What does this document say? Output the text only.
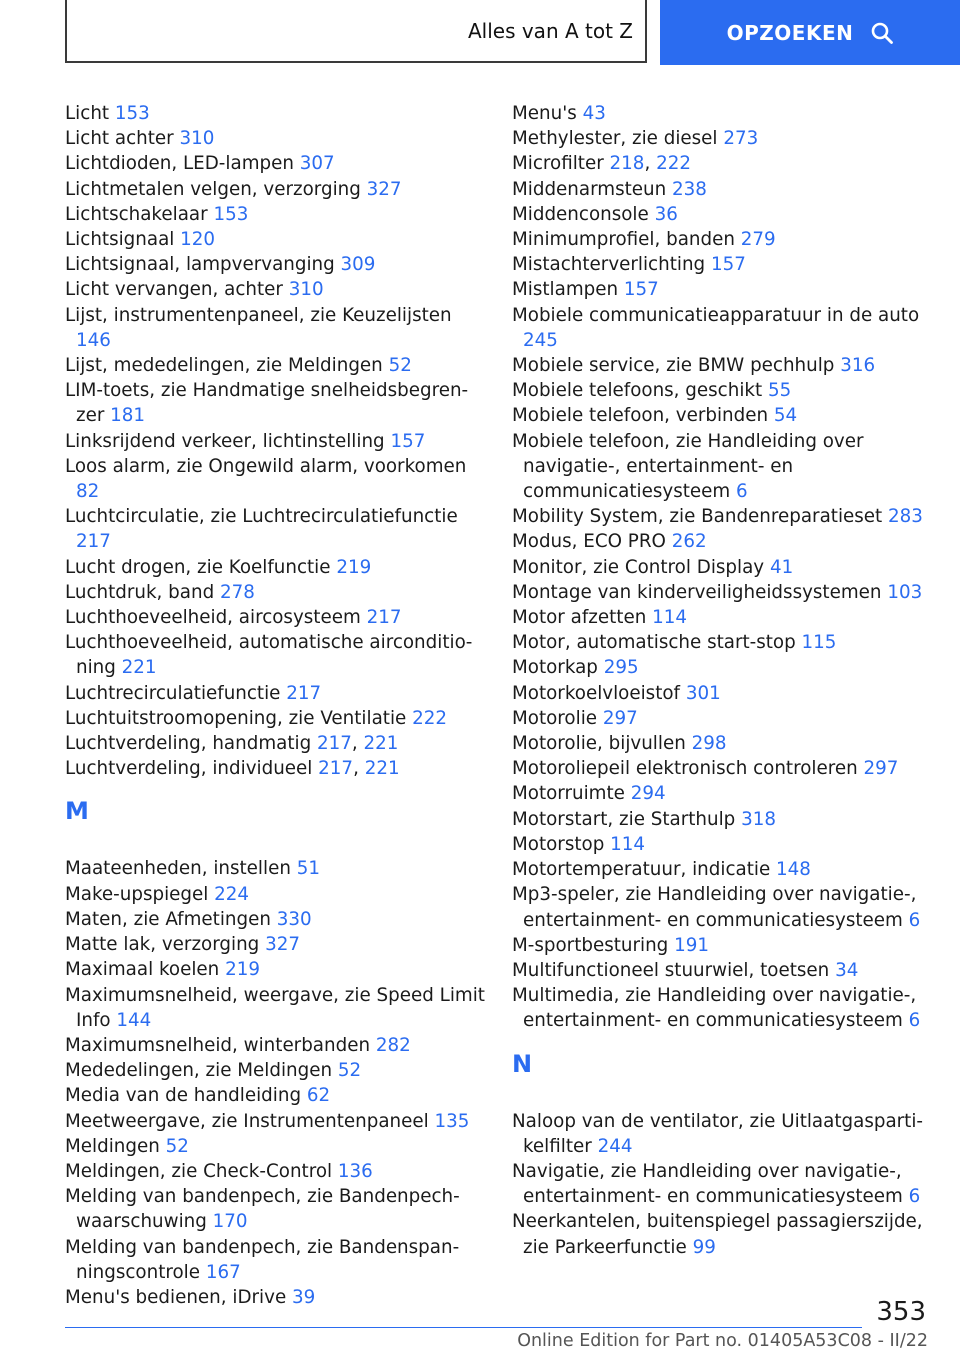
Alles van A tot Z	OPZOEKEN
Licht 153
Licht achter 310
Lichtdioden, LED-lampen 307
Lichtmetalen velgen, verzorging 327
Lichtschakelaar 153
Lichtsignaal 120
Lichtsignaal, lampvervanging 309
Licht vervangen, achter 310
Lijst, instrumentenpaneel, zie Keuzelijsten 146
Lijst, mededelingen, zie Meldingen 52
LIM-toets, zie Handmatige snelheidsbegrenzer 181
Linksrijdend verkeer, lichtinstelling 157
Loos alarm, zie Ongewild alarm, voorkomen 82
Luchtcirculatie, zie Luchtrecirculatiefunctie 217
Lucht drogen, zie Koelfunctie 219
Luchtdruk, band 278
Luchthoeveelheid, aircosysteem 217
Luchthoeveelheid, automatische airconditioning 221
Luchtrecirculatiefunctie 217
Luchtuitstroomopening, zie Ventilatie 222
Luchtverdeling, handmatig 217, 221
Luchtverdeling, individueel 217, 221
M
Maateenheden, instellen 51
Make-upspiegel 224
Maten, zie Afmetingen 330
Matte lak, verzorging 327
Maximaal koelen 219
Maximumsnelheid, weergave, zie Speed Limit Info 144
Maximumsnelheid, winterbanden 282
Mededelingen, zie Meldingen 52
Media van de handleiding 62
Meetweergave, zie Instrumentenpaneel 135
Meldingen 52
Meldingen, zie Check-Control 136
Melding van bandenpech, zie Bandenpechwaarschuwing 170
Melding van bandenpech, zie Bandenspanningscontrole 167
Menu's bedienen, iDrive 39
Menu's 43
Methylester, zie diesel 273
Microfilter 218, 222
Middenarmsteun 238
Middenconsole 36
Minimumprofiel, banden 279
Mistachterverlichting 157
Mistlampen 157
Mobiele communicatieapparatuur in de auto 245
Mobiele service, zie BMW pechhulp 316
Mobiele telefoons, geschikt 55
Mobiele telefoon, verbinden 54
Mobiele telefoon, zie Handleiding over navigatie-, entertainment- en communicatiesysteem 6
Mobility System, zie Bandenreparatieset 283
Modus, ECO PRO 262
Monitor, zie Control Display 41
Montage van kinderveiligheidssystemen 103
Motor afzetten 114
Motor, automatische start-stop 115
Motorkap 295
Motorkoelvloeistof 301
Motorolie 297
Motorolie, bijvullen 298
Motoroliepeil elektronisch controleren 297
Motorruimte 294
Motorstart, zie Starthulp 318
Motorstop 114
Motortemperatuur, indicatie 148
Mp3-speler, zie Handleiding over navigatie-, entertainment- en communicatiesysteem 6
M-sportbesturing 191
Multifunctioneel stuurwiel, toetsen 34
Multimedia, zie Handleiding over navigatie-, entertainment- en communicatiesysteem 6
N
Naloop van de ventilator, zie Uitlaatgaspartikelfilter 244
Navigatie, zie Handleiding over navigatie-, entertainment- en communicatiesysteem 6
Neerkantelen, buitenspiegel passagierszijde, zie Parkeerfunctie 99
353
Online Edition for Part no. 01405A53C08 - II/22
